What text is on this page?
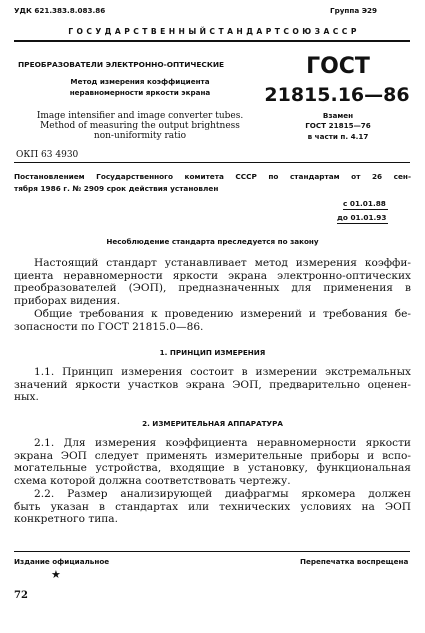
УДК 621.383.8.083.86	Группа Э29
Г О С У Д А Р С Т В Е Н Н Ы Й С Т А Н Д А Р Т С О Ю З А С С Р
ПРЕОБРАЗОВАТЕЛИ ЭЛЕКТРОННО-ОПТИЧЕСКИЕ
Метод измерения коэффициента
неравномерности яркости экрана
Image intensifier and image converter tubes.
Method of measuring the output brightness
non-uniformity ratio
ОКП 63 4930
ГОСТ
21815.16—86
Взамен
ГОСТ 21815—76
в части п. 4.17
Постановлением Государственного комитета СССР по стандартам от 26 сен-
тября 1986 г. № 2909 срок действия установлен
с 01.01.88
до 01.01.93
Несоблюдение стандарта преследуется по закону
Настоящий стандарт устанавливает метод измерения коэффи-
циента неравномерности яркости экрана электронно-оптических
преобразователей (ЭОП), предназначенных для применения в
приборах видения.
Общие требования к проведению измерений и требования бе-
зопасности по ГОСТ 21815.0—86.
1. ПРИНЦИП ИЗМЕРЕНИЯ
1.1. Принцип измерения состоит в измерении экстремальных
значений яркости участков экрана ЭОП, предварительно оценен-
ных.
2. ИЗМЕРИТЕЛЬНАЯ АППАРАТУРА
2.1. Для измерения коэффициента неравномерности яркости
экрана ЭОП следует применять измерительные приборы и вспо-
могательные устройства, входящие в установку, функциональная
схема которой должна соответствовать чертежу.
2.2. Размер анализирующей диафрагмы яркомера должен
быть указан в стандартах или технических условиях на ЭОП
конкретного типа.
Издание официальное	Перепечатка воспрещена
★
72
